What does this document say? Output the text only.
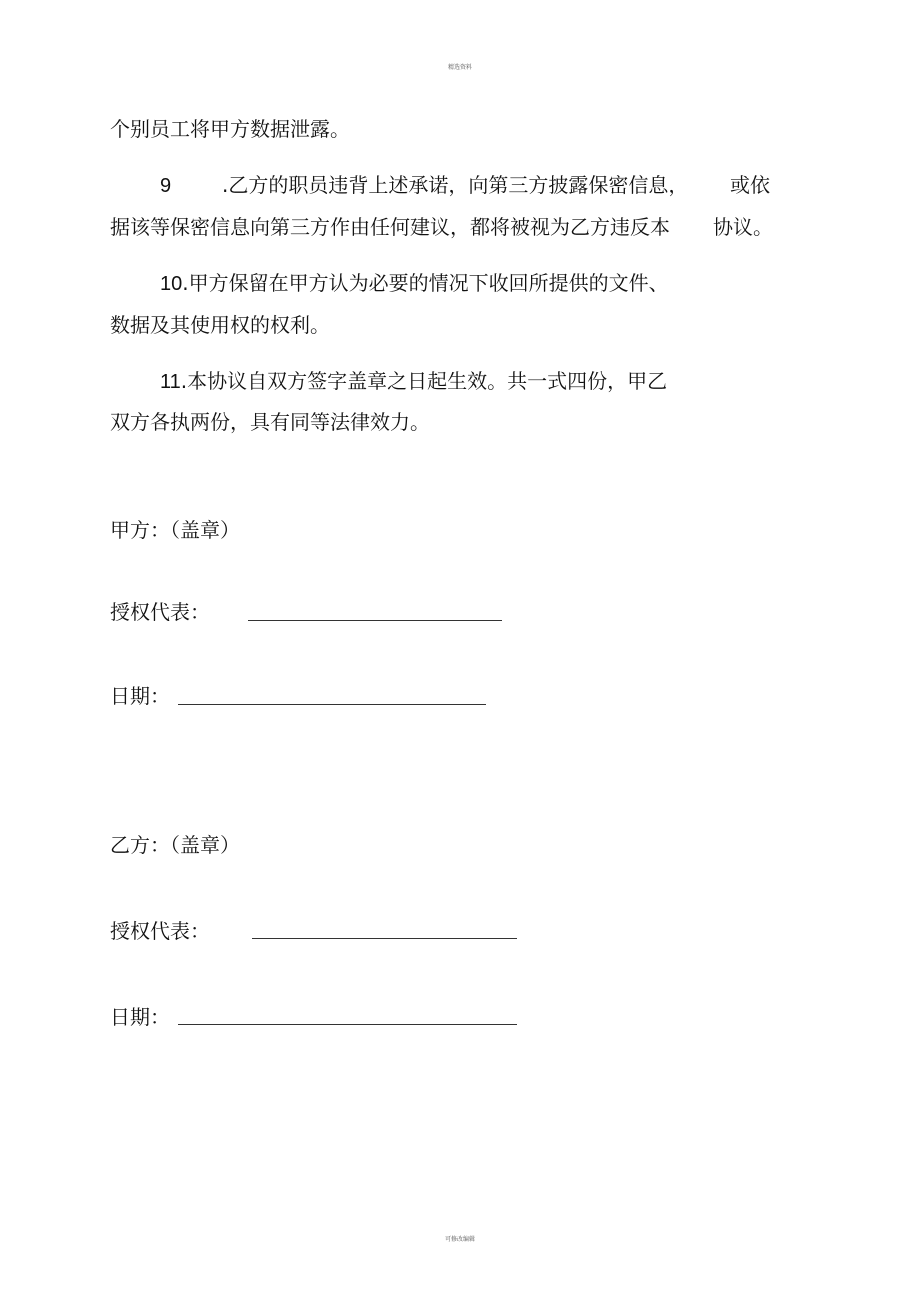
精选资料
个别员工将甲方数据泄露。
9	.乙方的职员违背上述承诺，向第三方披露保密信息， 或依
据该等保密信息向第三方作由任何建议，都将被视为乙方违反本 协议。
10.甲方保留在甲方认为必要的情况下收回所提供的文件、
数据及其使用权的权利。
11.本协议自双方签字盖章之日起生效。共一式四份，甲乙
双方各执两份，具有同等法律效力。
甲方：（盖章）
授权代表：
日期：
乙方：（盖章）
授权代表：
日期：
可修改编辑
